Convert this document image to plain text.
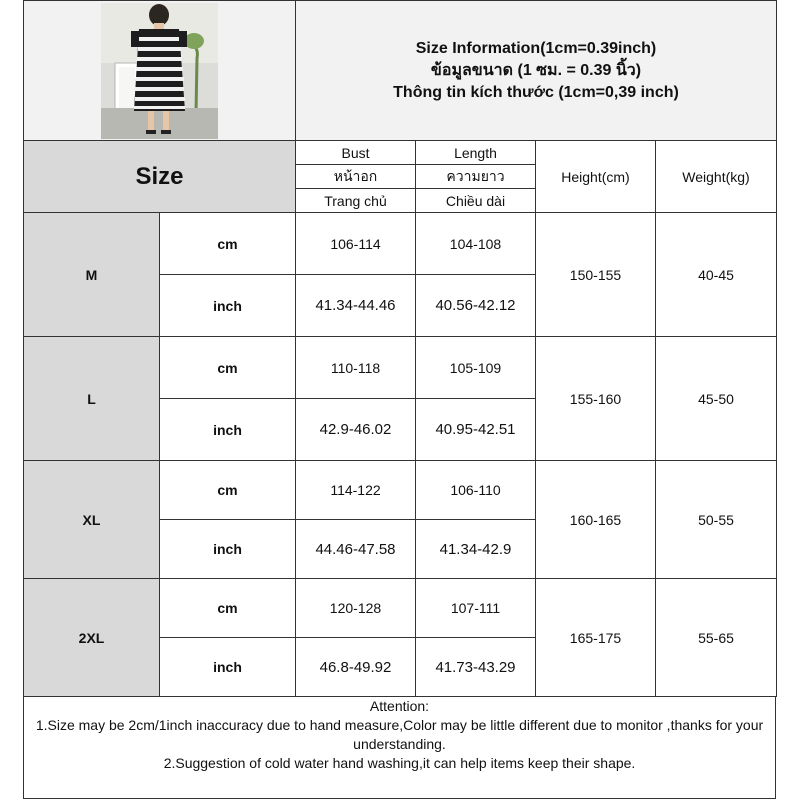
Size Information(1cm=0.39inch)
ข้อมูลขนาด (1 ซม. = 0.39 นิ้ว)
Thông tin kích thước (1cm=0,39 inch)			

Size		Bust	Length	Height(cm)	Weight(kg)
		หน้าอก	ความยาว		
		Trang chủ	Chiều dài		
M	cm	106-114	104-108	150-155	40-45
	inch	41.34-44.46	40.56-42.12		
L	cm	110-118	105-109	155-160	45-50
	inch	42.9-46.02	40.95-42.51		
XL	cm	114-122	106-110	160-165	50-55
	inch	44.46-47.58	41.34-42.9		
2XL	cm	120-128	107-111	165-175	55-65
	inch	46.8-49.92	41.73-43.29		

Attention:

1.Size may be 2cm/1inch inaccuracy due to hand measure,Color may be little different due to monitor ,thanks for your understanding.

2.Suggestion of cold water hand washing,it can help items keep their shape.
